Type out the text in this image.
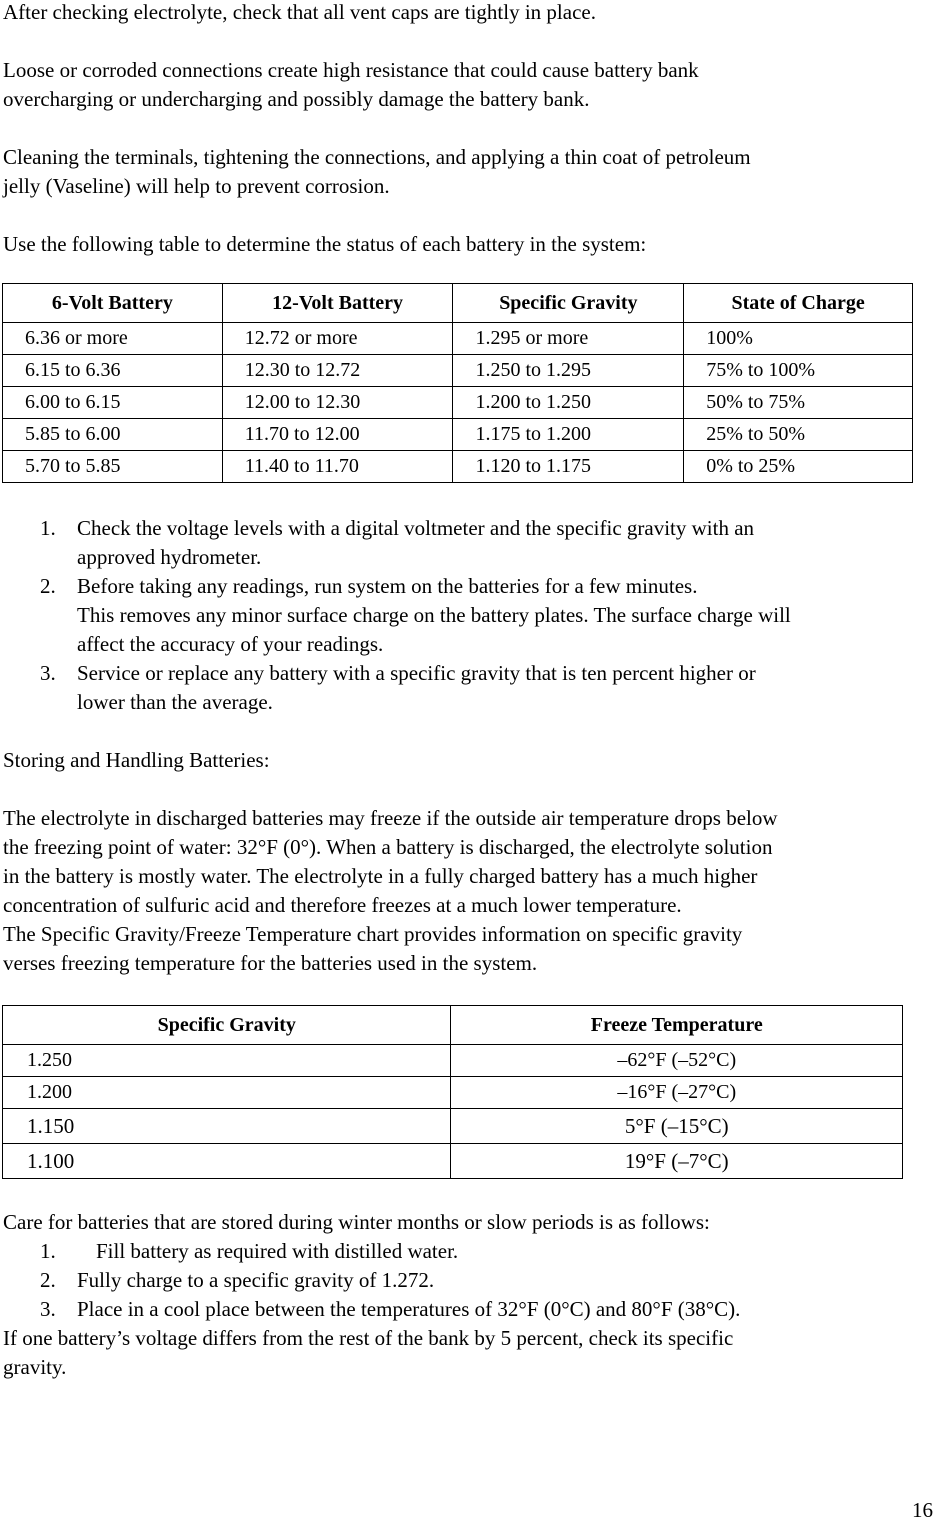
After checking electrolyte, check that all vent caps are tightly in place.

Loose or corroded connections create high resistance that could cause battery bank

overcharging or undercharging and possibly damage the battery bank.

Cleaning the terminals, tightening the connections, and applying a thin coat of petroleum

jelly (Vaseline) will help to prevent corrosion.

Use the following table to determine the status of each battery in the system:

6-Volt Battery	12-Volt Battery	Specific Gravity	State of Charge
6.36 or more	12.72 or more	1.295 or more	100%
6.15 to 6.36	12.30 to 12.72	1.250 to 1.295	75% to 100%
6.00 to 6.15	12.00 to 12.30	1.200 to 1.250	50% to 75%
5.85 to 6.00	11.70 to 12.00	1.175 to 1.200	25% to 50%
5.70 to 5.85	11.40 to 11.70	1.120 to 1.175	0% to 25%
1. Check the voltage levels with a digital voltmeter and the specific gravity with an

approved hydrometer.

2. Before taking any readings, run system on the batteries for a few minutes.

This removes any minor surface charge on the battery plates. The surface charge will

affect the accuracy of your readings.

3. Service or replace any battery with a specific gravity that is ten percent higher or

lower than the average.

Storing and Handling Batteries:

The electrolyte in discharged batteries may freeze if the outside air temperature drops below

the freezing point of water: 32°F (0°). When a battery is discharged, the electrolyte solution

in the battery is mostly water. The electrolyte in a fully charged battery has a much higher

concentration of sulfuric acid and therefore freezes at a much lower temperature.

The Specific Gravity/Freeze Temperature chart provides information on specific gravity

verses freezing temperature for the batteries used in the system.

Specific Gravity	Freeze Temperature
1.250	–62°F (–52°C)
1.200	–16°F (–27°C)
1.150	5°F (–15°C)
1.100	19°F (–7°C)

Care for batteries that are stored during winter months or slow periods is as follows:

1. Fill battery as required with distilled water.

2. Fully charge to a specific gravity of 1.272.

3. Place in a cool place between the temperatures of 32°F (0°C) and 80°F (38°C).

If one battery’s voltage differs from the rest of the bank by 5 percent, check its specific

gravity.

16
